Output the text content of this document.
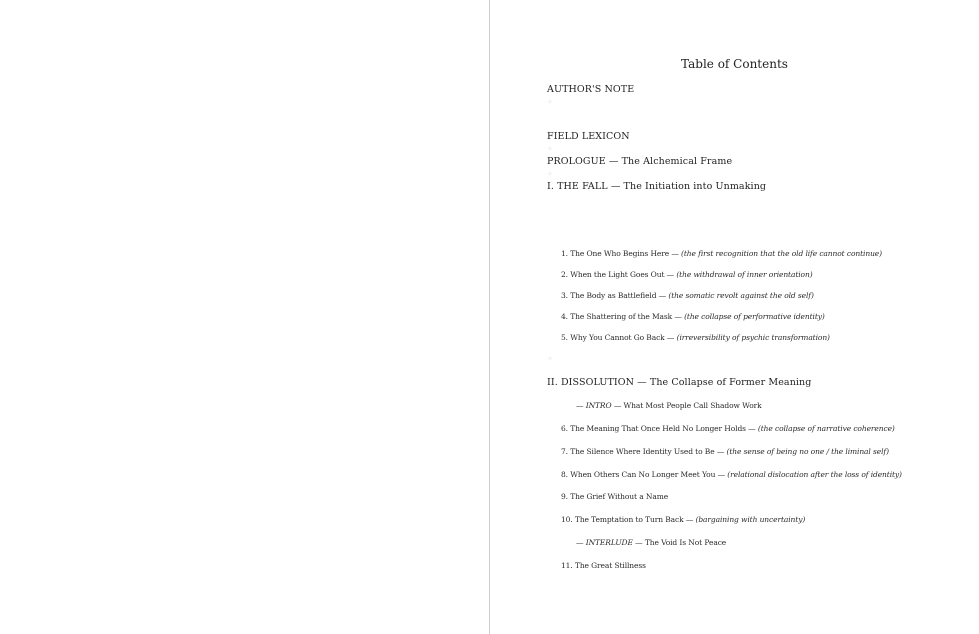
Table of Contents
AUTHOR'S NOTE
✧
FIELD LEXICON
✧
PROLOGUE — The Alchemical Frame
✧
I. THE FALL — The Initiation into Unmaking
1. The One Who Begins Here — (the first recognition that the old life cannot continue)
2. When the Light Goes Out — (the withdrawal of inner orientation)
3. The Body as Battlefield — (the somatic revolt against the old self)
4. The Shattering of the Mask — (the collapse of performative identity)
5. Why You Cannot Go Back — (irreversibility of psychic transformation)
✧
II. DISSOLUTION — The Collapse of Former Meaning
— INTRO — What Most People Call Shadow Work
6. The Meaning That Once Held No Longer Holds — (the collapse of narrative coherence)
7. The Silence Where Identity Used to Be — (the sense of being no one / the liminal self)
8. When Others Can No Longer Meet You — (relational dislocation after the loss of identity)
9. The Grief Without a Name
10. The Temptation to Turn Back — (bargaining with uncertainty)
— INTERLUDE — The Void Is Not Peace
11. The Great Stillness
